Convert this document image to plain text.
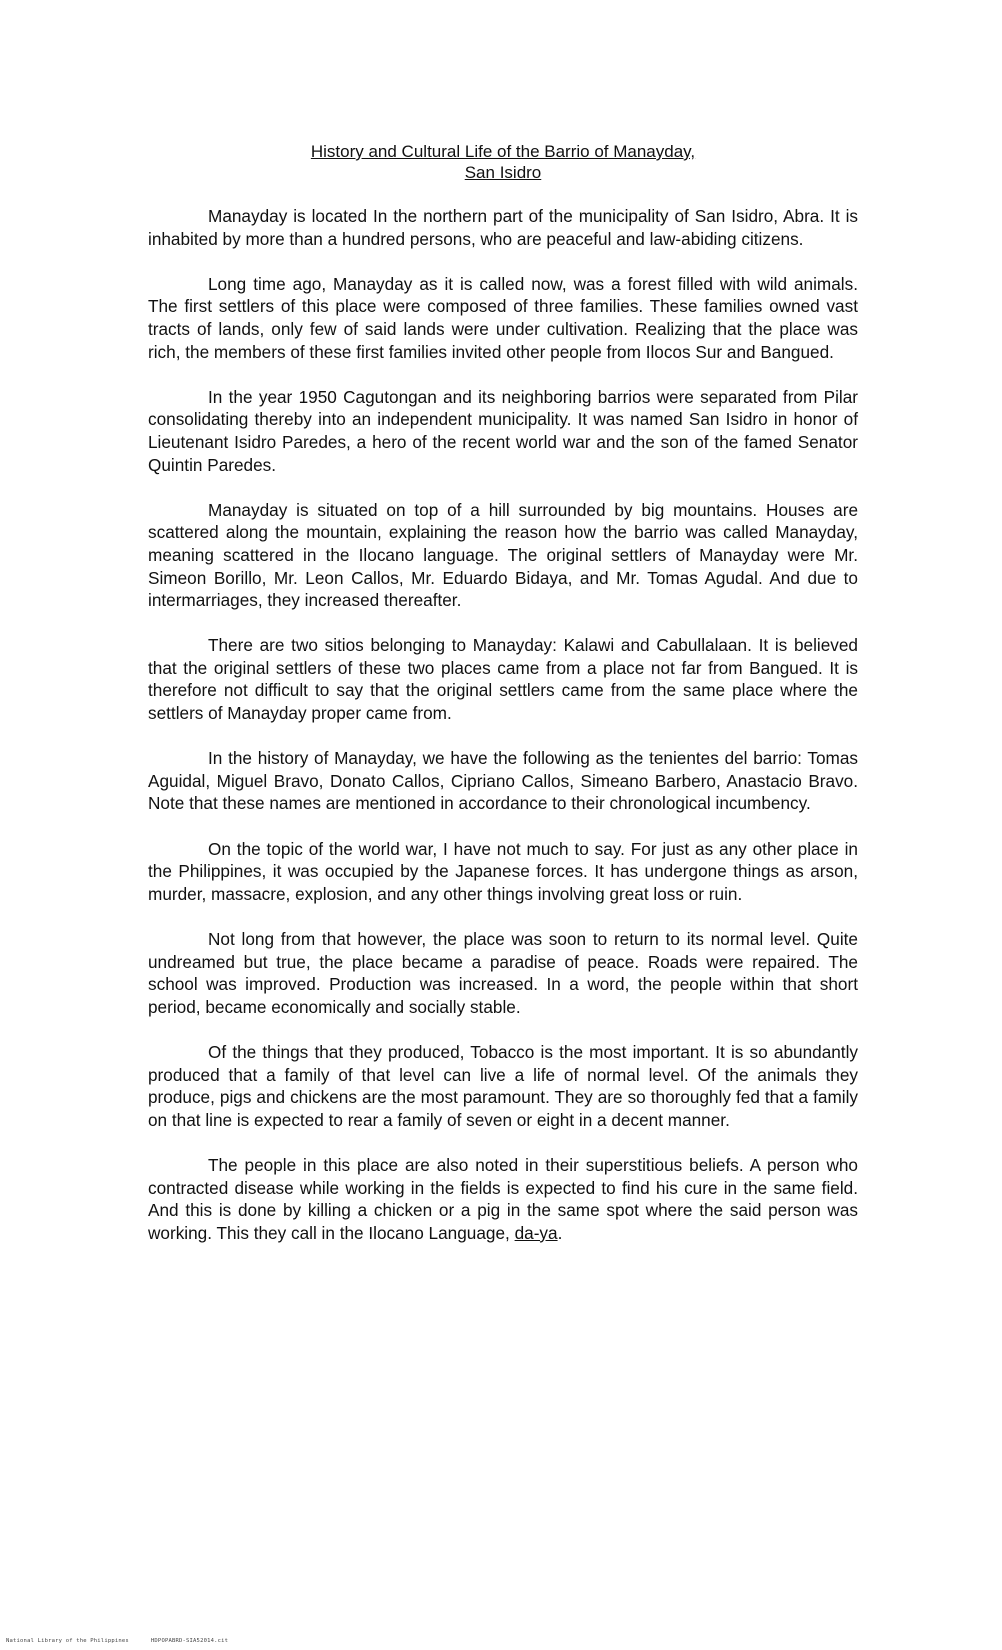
History and Cultural Life of the Barrio of Manayday,
San Isidro

Manayday is located In the northern part of the municipality of San Isidro, Abra. It is inhabited by more than a hundred persons, who are peaceful and law-abiding citizens.

Long time ago, Manayday as it is called now, was a forest filled with wild animals. The first settlers of this place were composed of three families. These families owned vast tracts of lands, only few of said lands were under cultivation. Realizing that the place was rich, the members of these first families invited other people from Ilocos Sur and Bangued.

In the year 1950 Cagutongan and its neighboring barrios were separated from Pilar consolidating thereby into an independent municipality. It was named San Isidro in honor of Lieutenant Isidro Paredes, a hero of the recent world war and the son of the famed Senator Quintin Paredes.

Manayday is situated on top of a hill surrounded by big mountains. Houses are scattered along the mountain, explaining the reason how the barrio was called Manayday, meaning scattered in the Ilocano language. The original settlers of Manayday were Mr. Simeon Borillo, Mr. Leon Callos, Mr. Eduardo Bidaya, and Mr. Tomas Agudal. And due to intermarriages, they increased thereafter.

There are two sitios belonging to Manayday: Kalawi and Cabullalaan. It is believed that the original settlers of these two places came from a place not far from Bangued. It is therefore not difficult to say that the original settlers came from the same place where the settlers of Manayday proper came from.

In the history of Manayday, we have the following as the tenientes del barrio: Tomas Aguidal, Miguel Bravo, Donato Callos, Cipriano Callos, Simeano Barbero, Anastacio Bravo. Note that these names are mentioned in accordance to their chronological incumbency.

On the topic of the world war, I have not much to say. For just as any other place in the Philippines, it was occupied by the Japanese forces. It has undergone things as arson, murder, massacre, explosion, and any other things involving great loss or ruin.

Not long from that however, the place was soon to return to its normal level. Quite undreamed but true, the place became a paradise of peace. Roads were repaired. The school was improved. Production was increased. In a word, the people within that short period, became economically and socially stable.

Of the things that they produced, Tobacco is the most important. It is so abundantly produced that a family of that level can live a life of normal level. Of the animals they produce, pigs and chickens are the most paramount. They are so thoroughly fed that a family on that line is expected to rear a family of seven or eight in a decent manner.

The people in this place are also noted in their superstitious beliefs. A person who contracted disease while working in the fields is expected to find his cure in the same field. And this is done by killing a chicken or a pig in the same spot where the said person was working. This they call in the Ilocano Language, da-ya.

National Library of the Philippines	HDPOPABRD-SIA52014.cit
